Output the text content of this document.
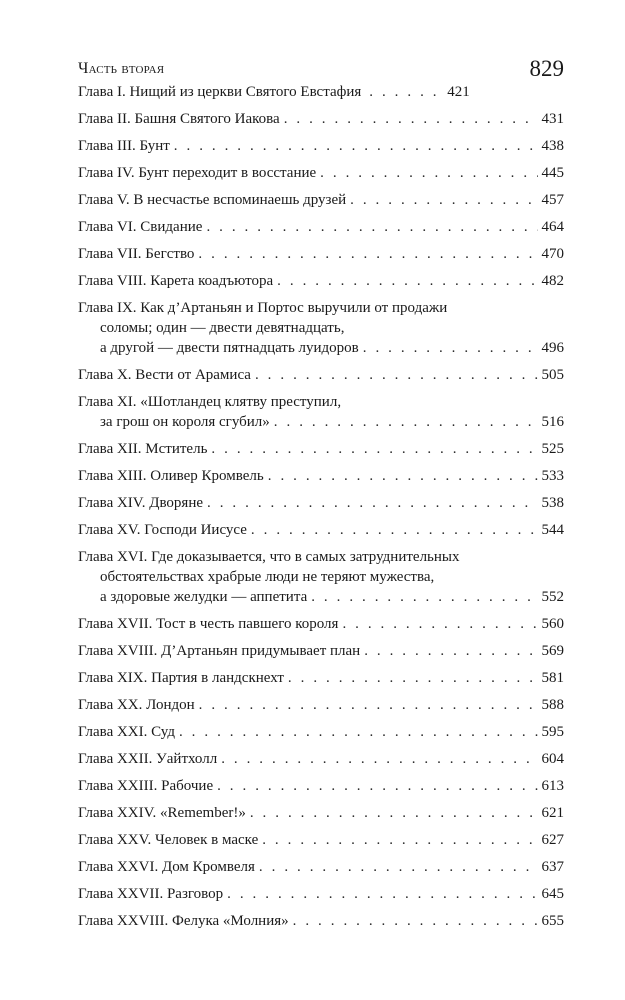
Часть вторая	829
Глава I. Нищий из церкви Святого Евстафия . . .	421
Глава II. Башня Святого Иакова . . .	431
Глава III. Бунт . . .	438
Глава IV. Бунт переходит в восстание . . .	445
Глава V. В несчастье вспоминаешь друзей . . .	457
Глава VI. Свидание . . .	464
Глава VII. Бегство . . .	470
Глава VIII. Карета коадъютора . . .	482
Глава IX. Как д’Артаньян и Портос выручили от продажи
соломы; один — двести девятнадцать,
а другой — двести пятнадцать луидоров . . .	496
Глава X. Вести от Арамиса . . .	505
Глава XI. «Шотландец клятву преступил,
за грош он короля сгубил» . . .	516
Глава XII. Мститель . . .	525
Глава XIII. Оливер Кромвель . . .	533
Глава XIV. Дворяне . . .	538
Глава XV. Господи Иисусе . . .	544
Глава XVI. Где доказывается, что в самых затруднительных
обстоятельствах храбрые люди не теряют мужества,
а здоровые желудки — аппетита . . .	552
Глава XVII. Тост в честь павшего короля . . .	560
Глава XVIII. Д’Артаньян придумывает план . . .	569
Глава XIX. Партия в ландскнехт . . .	581
Глава XX. Лондон . . .	588
Глава XXI. Суд . . .	595
Глава XXII. Уайтхолл . . .	604
Глава XXIII. Рабочие . . .	613
Глава XXIV. «Remember!» . . .	621
Глава XXV. Человек в маске . . .	627
Глава XXVI. Дом Кромвеля . . .	637
Глава XXVII. Разговор . . .	645
Глава XXVIII. Фелука «Молния» . . .	655
